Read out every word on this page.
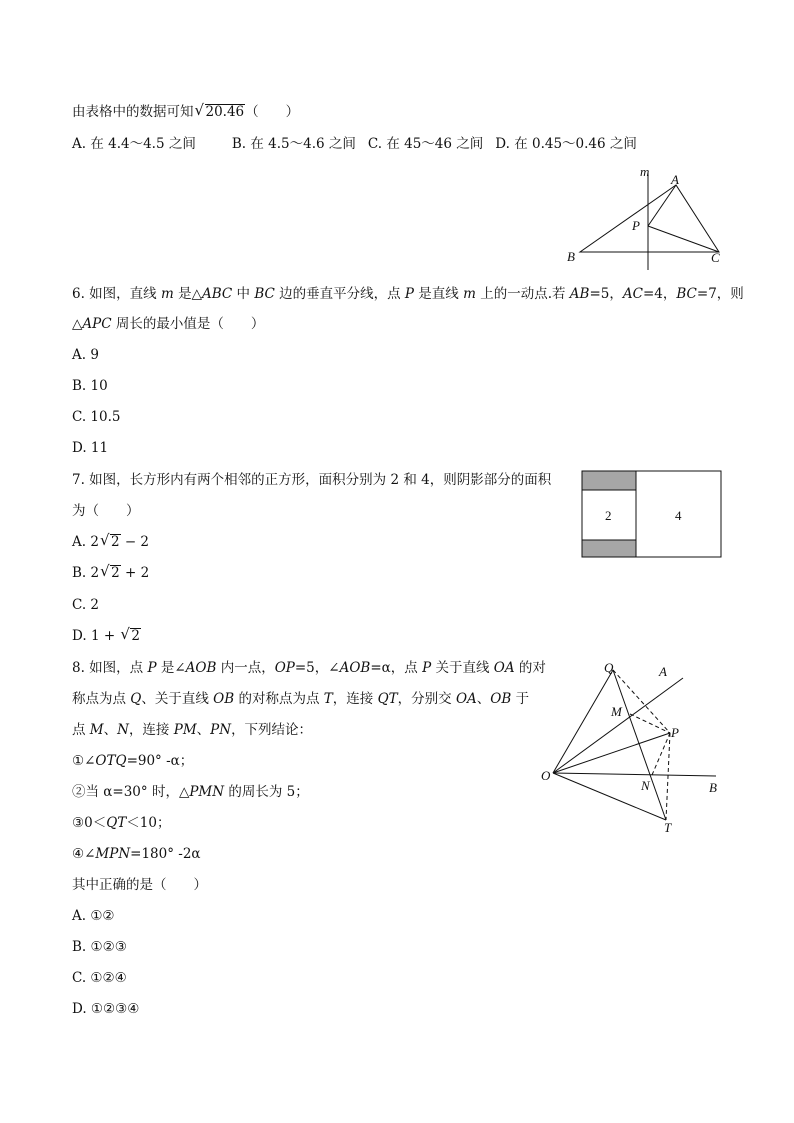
由表格中的数据可知 √ 20.46（　　）
A. 在 4.4～4.5 之间	B. 在 4.5～4.6 之间 C. 在 45～46 之间 D. 在 0.45～0.46 之间
m
A
P
B	C
6. 如图，直线 m 是△ABC 中 BC 边的垂直平分线，点 P 是直线 m 上的一动点.若 AB=5，AC=4，BC=7，则
△APC 周长的最小值是（　　）
A. 9
B. 10
C. 10.5
D. 11
7. 如图，长方形内有两个相邻的正方形，面积分别为 2 和 4，则阴影部分的面积
为（　　）	2	4
A. 2 √ 2 − 2
B. 2 √ 2 + 2
C. 2
D. 1 + √ 2
Q	A
M
P
O
N	B
T
8. 如图，点 P 是∠AOB 内一点，OP=5，∠AOB=α，点 P 关于直线 OA 的对
称点为点 Q、关于直线 OB 的对称点为点 T，连接 QT，分别交 OA、OB 于
点 M、N，连接 PM、PN，下列结论：
①∠OTQ=90° -α；
②当 α=30° 时，△PMN 的周长为 5；
③0＜QT＜10；
④∠MPN=180° -2α
其中正确的是（　　）
A. ①②
B. ①②③
C. ①②④
D. ①②③④
